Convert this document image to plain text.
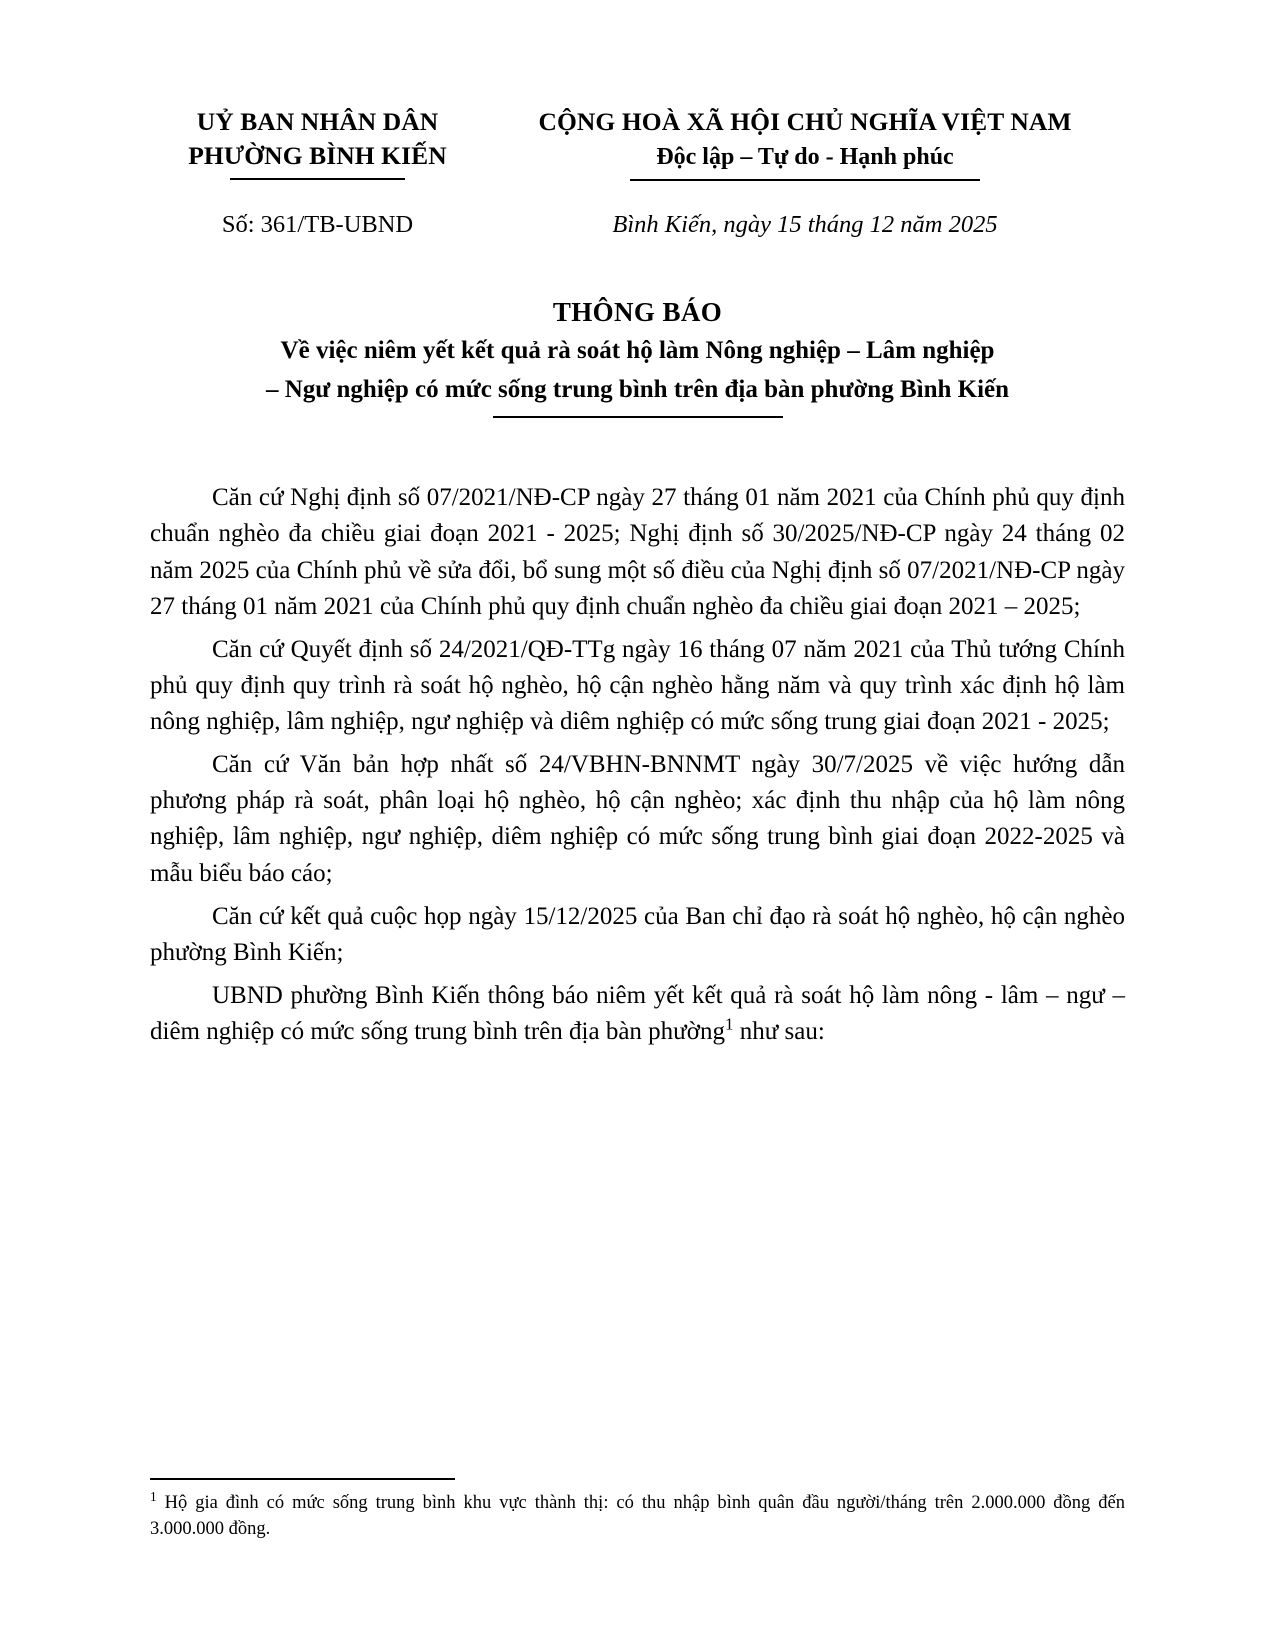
UỶ BAN NHÂN DÂN
PHƯỜNG BÌNH KIẾN
CỘNG HOÀ XÃ HỘI CHỦ NGHĨA VIỆT NAM
Độc lập – Tự do - Hạnh phúc
Số: 361/TB-UBND	Bình Kiến, ngày 15 tháng 12 năm 2025
THÔNG BÁO
Về việc niêm yết kết quả rà soát hộ làm Nông nghiệp – Lâm nghiệp
– Ngư nghiệp có mức sống trung bình trên địa bàn phường Bình Kiến

Căn cứ Nghị định số 07/2021/NĐ-CP ngày 27 tháng 01 năm 2021 của Chính phủ quy định chuẩn nghèo đa chiều giai đoạn 2021 - 2025; Nghị định số 30/2025/NĐ-CP ngày 24 tháng 02 năm 2025 của Chính phủ về sửa đổi, bổ sung một số điều của Nghị định số 07/2021/NĐ-CP ngày 27 tháng 01 năm 2021 của Chính phủ quy định chuẩn nghèo đa chiều giai đoạn 2021 – 2025;

Căn cứ Quyết định số 24/2021/QĐ-TTg ngày 16 tháng 07 năm 2021 của Thủ tướng Chính phủ quy định quy trình rà soát hộ nghèo, hộ cận nghèo hằng năm và quy trình xác định hộ làm nông nghiệp, lâm nghiệp, ngư nghiệp và diêm nghiệp có mức sống trung giai đoạn 2021 - 2025;

Căn cứ Văn bản hợp nhất số 24/VBHN-BNNMT ngày 30/7/2025 về việc hướng dẫn phương pháp rà soát, phân loại hộ nghèo, hộ cận nghèo; xác định thu nhập của hộ làm nông nghiệp, lâm nghiệp, ngư nghiệp, diêm nghiệp có mức sống trung bình giai đoạn 2022-2025 và mẫu biểu báo cáo;

Căn cứ kết quả cuộc họp ngày 15/12/2025 của Ban chỉ đạo rà soát hộ nghèo, hộ cận nghèo phường Bình Kiến;

UBND phường Bình Kiến thông báo niêm yết kết quả rà soát hộ làm nông - lâm – ngư – diêm nghiệp có mức sống trung bình trên địa bàn phường$^1$ như sau:

$^1$ Hộ gia đình có mức sống trung bình khu vực thành thị: có thu nhập bình quân đầu người/tháng trên 2.000.000 đồng đến 3.000.000 đồng.
